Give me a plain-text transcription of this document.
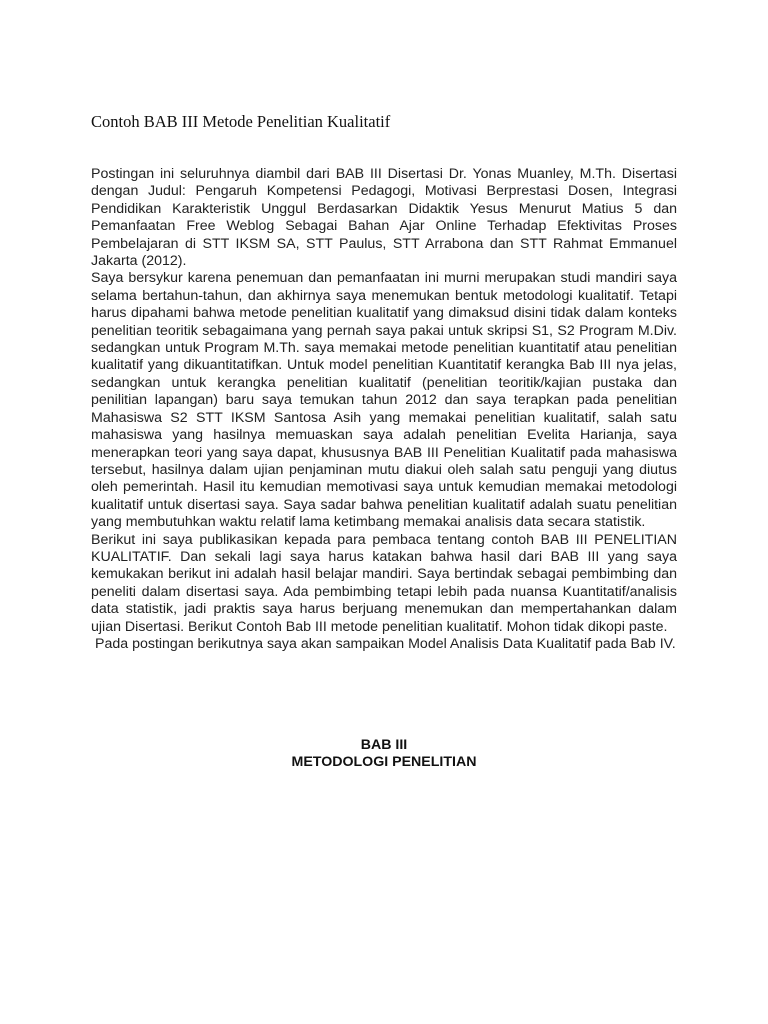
Contoh BAB III Metode Penelitian Kualitatif

Postingan ini seluruhnya diambil dari BAB III Disertasi Dr. Yonas Muanley, M.Th. Disertasi dengan Judul: Pengaruh Kompetensi Pedagogi, Motivasi Berprestasi Dosen, Integrasi Pendidikan Karakteristik Unggul Berdasarkan Didaktik Yesus Menurut Matius 5 dan Pemanfaatan Free Weblog Sebagai Bahan Ajar Online Terhadap Efektivitas Proses Pembelajaran di STT IKSM SA, STT Paulus, STT Arrabona dan STT Rahmat Emmanuel Jakarta (2012).

Saya bersykur karena penemuan dan pemanfaatan ini murni merupakan studi mandiri saya selama bertahun-tahun, dan akhirnya saya menemukan bentuk metodologi kualitatif. Tetapi harus dipahami bahwa metode penelitian kualitatif yang dimaksud disini tidak dalam konteks penelitian teoritik sebagaimana yang pernah saya pakai untuk skripsi S1, S2 Program M.Div. sedangkan untuk Program M.Th. saya memakai metode penelitian kuantitatif atau penelitian kualitatif yang dikuantitatifkan. Untuk model penelitian Kuantitatif kerangka Bab III nya jelas, sedangkan untuk kerangka penelitian kualitatif (penelitian teoritik/kajian pustaka dan penilitian lapangan) baru saya temukan tahun 2012 dan saya terapkan pada penelitian Mahasiswa S2 STT IKSM Santosa Asih yang memakai penelitian kualitatif, salah satu mahasiswa yang hasilnya memuaskan saya adalah penelitian Evelita Harianja, saya menerapkan teori yang saya dapat, khususnya BAB III Penelitian Kualitatif pada mahasiswa tersebut, hasilnya dalam ujian penjaminan mutu diakui oleh salah satu penguji yang diutus oleh pemerintah. Hasil itu kemudian memotivasi saya untuk kemudian memakai metodologi kualitatif untuk disertasi saya. Saya sadar bahwa penelitian kualitatif adalah suatu penelitian yang membutuhkan waktu relatif lama ketimbang memakai analisis data secara statistik.

Berikut ini saya publikasikan kepada para pembaca tentang contoh BAB III PENELITIAN KUALITATIF. Dan sekali lagi saya harus katakan bahwa hasil dari BAB III yang saya kemukakan berikut ini adalah hasil belajar mandiri. Saya bertindak sebagai pembimbing dan peneliti dalam disertasi saya. Ada pembimbing tetapi lebih pada nuansa Kuantitatif/analisis data statistik, jadi praktis saya harus berjuang menemukan dan mempertahankan dalam ujian Disertasi. Berikut Contoh Bab III metode penelitian kualitatif. Mohon tidak dikopi paste.

Pada postingan berikutnya saya akan sampaikan Model Analisis Data Kualitatif pada Bab IV.

BAB III
METODOLOGI PENELITIAN
